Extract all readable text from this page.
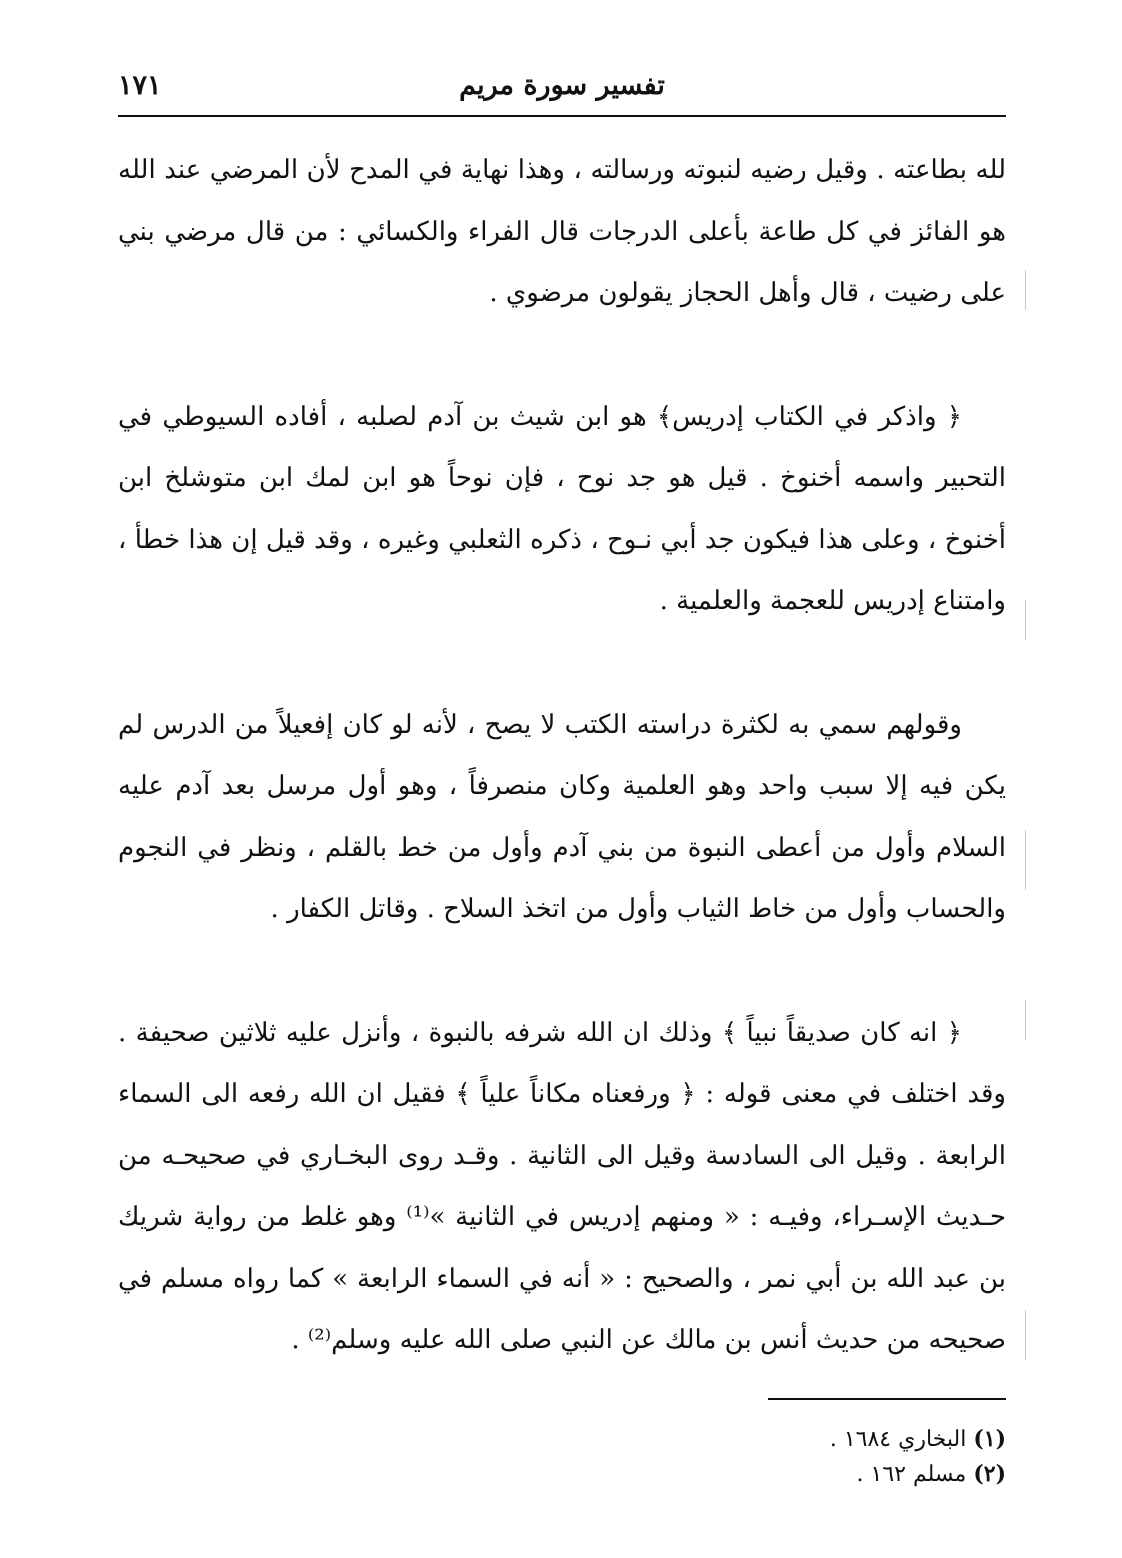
تفسير سورة مريم
١٧١

لله بطاعته . وقيل رضيه لنبوته ورسالته ، وهذا نهاية في المدح لأن المرضي عند الله هو الفائز في كل طاعة بأعلى الدرجات قال الفراء والكسائي : من قال مرضي بني على رضيت ، قال وأهل الحجاز يقولون مرضوي .

﴿ واذكر في الكتاب إدريس﴾ هو ابن شيث بن آدم لصلبه ، أفاده السيوطي في التحبير واسمه أخنوخ . قيل هو جد نوح ، فإن نوحاً هو ابن لمك ابن متوشلخ ابن أخنوخ ، وعلى هذا فيكون جد أبي نـوح ، ذكره الثعلبي وغيره ، وقد قيل إن هذا خطأ ، وامتناع إدريس للعجمة والعلمية .

وقولهم سمي به لكثرة دراسته الكتب لا يصح ، لأنه لو كان إفعيلاً من الدرس لم يكن فيه إلا سبب واحد وهو العلمية وكان منصرفاً ، وهو أول مرسل بعد آدم عليه السلام وأول من أعطى النبوة من بني آدم وأول من خط بالقلم ، ونظر في النجوم والحساب وأول من خاط الثياب وأول من اتخذ السلاح . وقاتل الكفار .

﴿ انه كان صديقاً نبياً ﴾ وذلك ان الله شرفه بالنبوة ، وأنزل عليه ثلاثين صحيفة . وقد اختلف في معنى قوله : ﴿ ورفعناه مكاناً علياً ﴾ فقيل ان الله رفعه الى السماء الرابعة . وقيل الى السادسة وقيل الى الثانية . وقـد روى البخـاري في صحيحـه من حـديث الإسـراء، وفيـه : « ومنهم إدريس في الثانية »⁽¹⁾ وهو غلط من رواية شريك بن عبد الله بن أبي نمر ، والصحيح : « أنه في السماء الرابعة » كما رواه مسلم في صحيحه من حديث أنس بن مالك عن النبي صلى الله عليه وسلم⁽²⁾ .

(١) البخاري ١٦٨٤ .

(٢) مسلم ١٦٢ .
